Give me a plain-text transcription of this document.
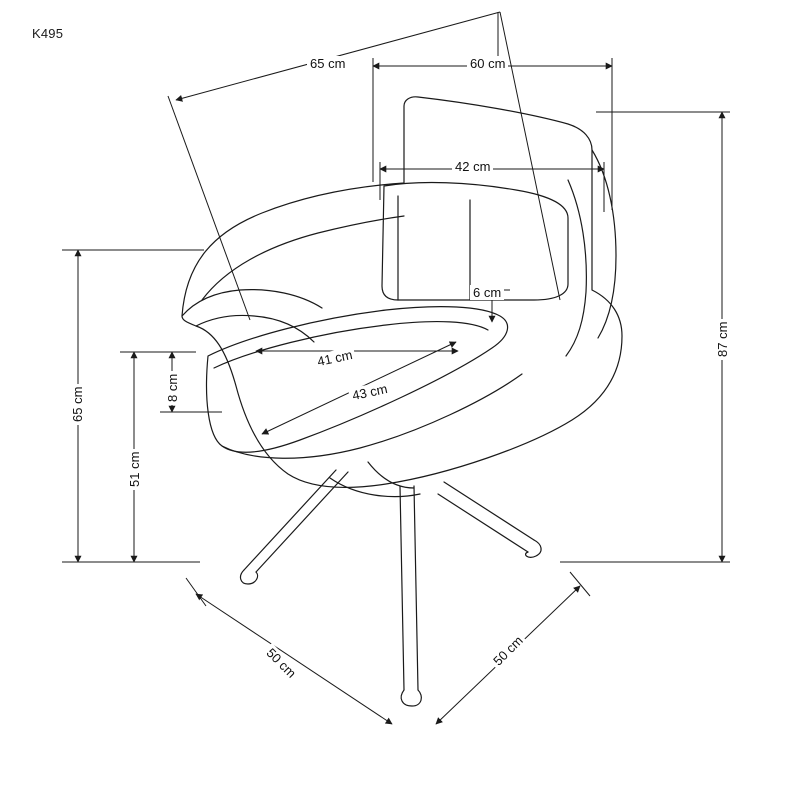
K495
65 cm	60 cm
42 cm
87 cm
65 cm
51 cm
8 cm
6 cm
41 cm
43 cm
50 cm	50 cm
